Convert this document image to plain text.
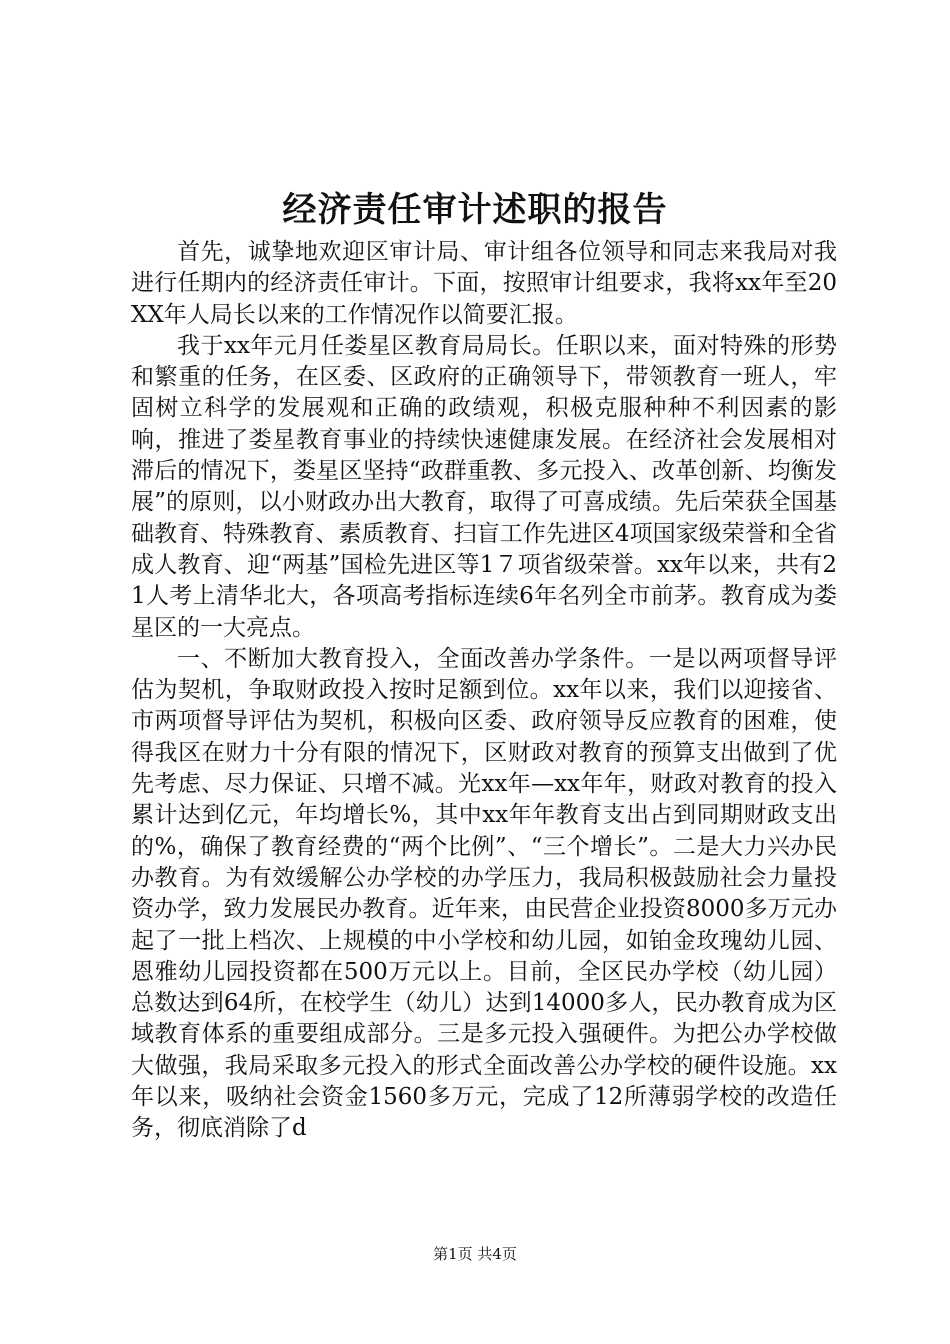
经济责任审计述职的报告

首先，诚挚地欢迎区审计局、审计组各位领导和同志来我局对我进行任期内的经济责任审计。下面，按照审计组要求，我将xx年至20XX年人局长以来的工作情况作以简要汇报。

我于xx年元月任娄星区教育局局长。任职以来，面对特殊的形势和繁重的任务，在区委、区政府的正确领导下，带领教育一班人，牢固树立科学的发展观和正确的政绩观，积极克服种种不利因素的影响，推进了娄星教育事业的持续快速健康发展。在经济社会发展相对滞后的情况下，娄星区坚持“政群重教、多元投入、改革创新、均衡发展”的原则，以小财政办出大教育，取得了可喜成绩。先后荣获全国基础教育、特殊教育、素质教育、扫盲工作先进区4项国家级荣誉和全省成人教育、迎“两基”国检先进区等1７项省级荣誉。xx年以来，共有21人考上清华北大，各项高考指标连续6年名列全市前茅。教育成为娄星区的一大亮点。

一、不断加大教育投入，全面改善办学条件。一是以两项督导评估为契机，争取财政投入按时足额到位。xx年以来，我们以迎接省、市两项督导评估为契机，积极向区委、政府领导反应教育的困难，使得我区在财力十分有限的情况下，区财政对教育的预算支出做到了优先考虑、尽力保证、只增不减。光xx年—xx年年，财政对教育的投入累计达到亿元，年均增长%，其中xx年年教育支出占到同期财政支出的%，确保了教育经费的“两个比例”、“三个增长”。二是大力兴办民办教育。为有效缓解公办学校的办学压力，我局积极鼓励社会力量投资办学，致力发展民办教育。近年来，由民营企业投资8000多万元办起了一批上档次、上规模的中小学校和幼儿园，如铂金玫瑰幼儿园、恩雅幼儿园投资都在500万元以上。目前，全区民办学校（幼儿园）总数达到64所，在校学生（幼儿）达到14000多人，民办教育成为区域教育体系的重要组成部分。三是多元投入强硬件。为把公办学校做大做强，我局采取多元投入的形式全面改善公办学校的硬件设施。xx年以来，吸纳社会资金1560多万元，完成了12所薄弱学校的改造任务，彻底消除了d

第1页 共4页
